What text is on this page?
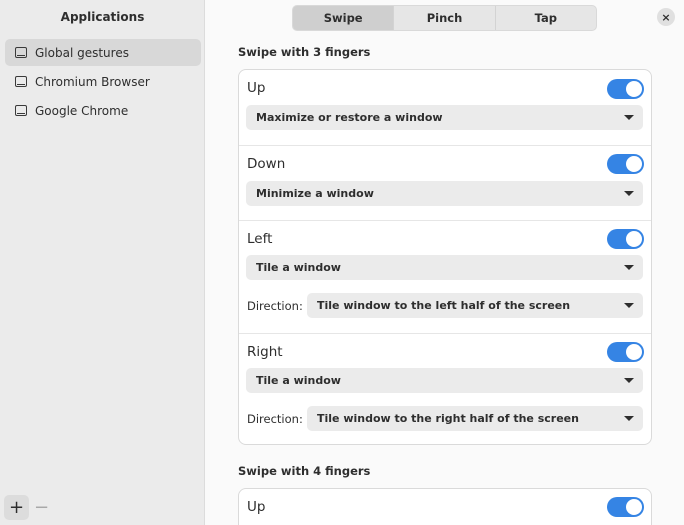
Applications
Global gestures
Chromium Browser
Google Chrome
+ −
Swipe	Pinch	Tap	×
Swipe with 3 fingers
Up
Maximize or restore a window
Down
Minimize a window
Left
Tile a window
Direction:	Tile window to the left half of the screen
Right
Tile a window
Direction:	Tile window to the right half of the screen
Swipe with 4 fingers
Up
